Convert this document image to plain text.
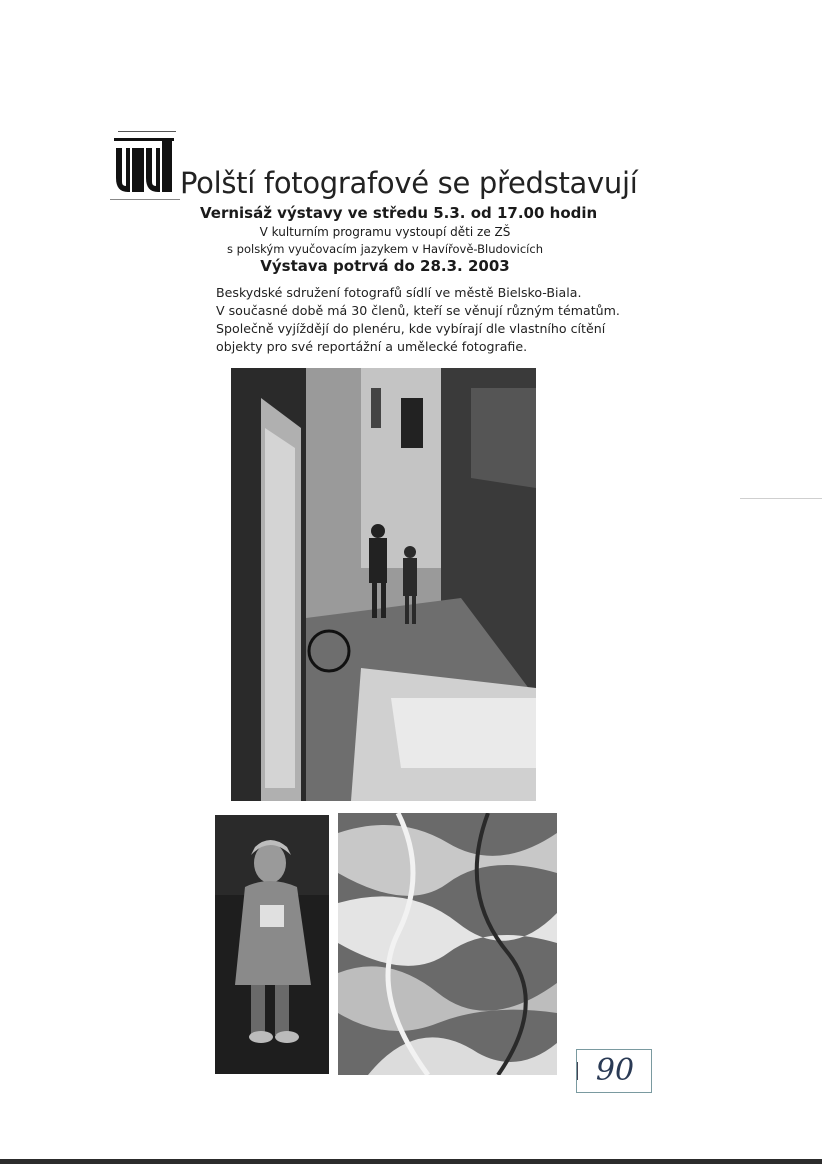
Polští fotografové se představují
Vernisáž výstavy ve středu 5.3. od 17.00 hodin
V kulturním programu vystoupí děti ze ZŠ
s polským vyučovacím jazykem v Havířově-Bludovicích
Výstava potrvá do 28.3. 2003
Beskydské sdružení fotografů sídlí ve městě Bielsko-Biala.
V současné době má 30 členů, kteří se věnují různým tématům.
Společně vyjíždějí do plenéru, kde vybírají dle vlastního cítění
objekty pro své reportážní a umělecké fotografie.
90
